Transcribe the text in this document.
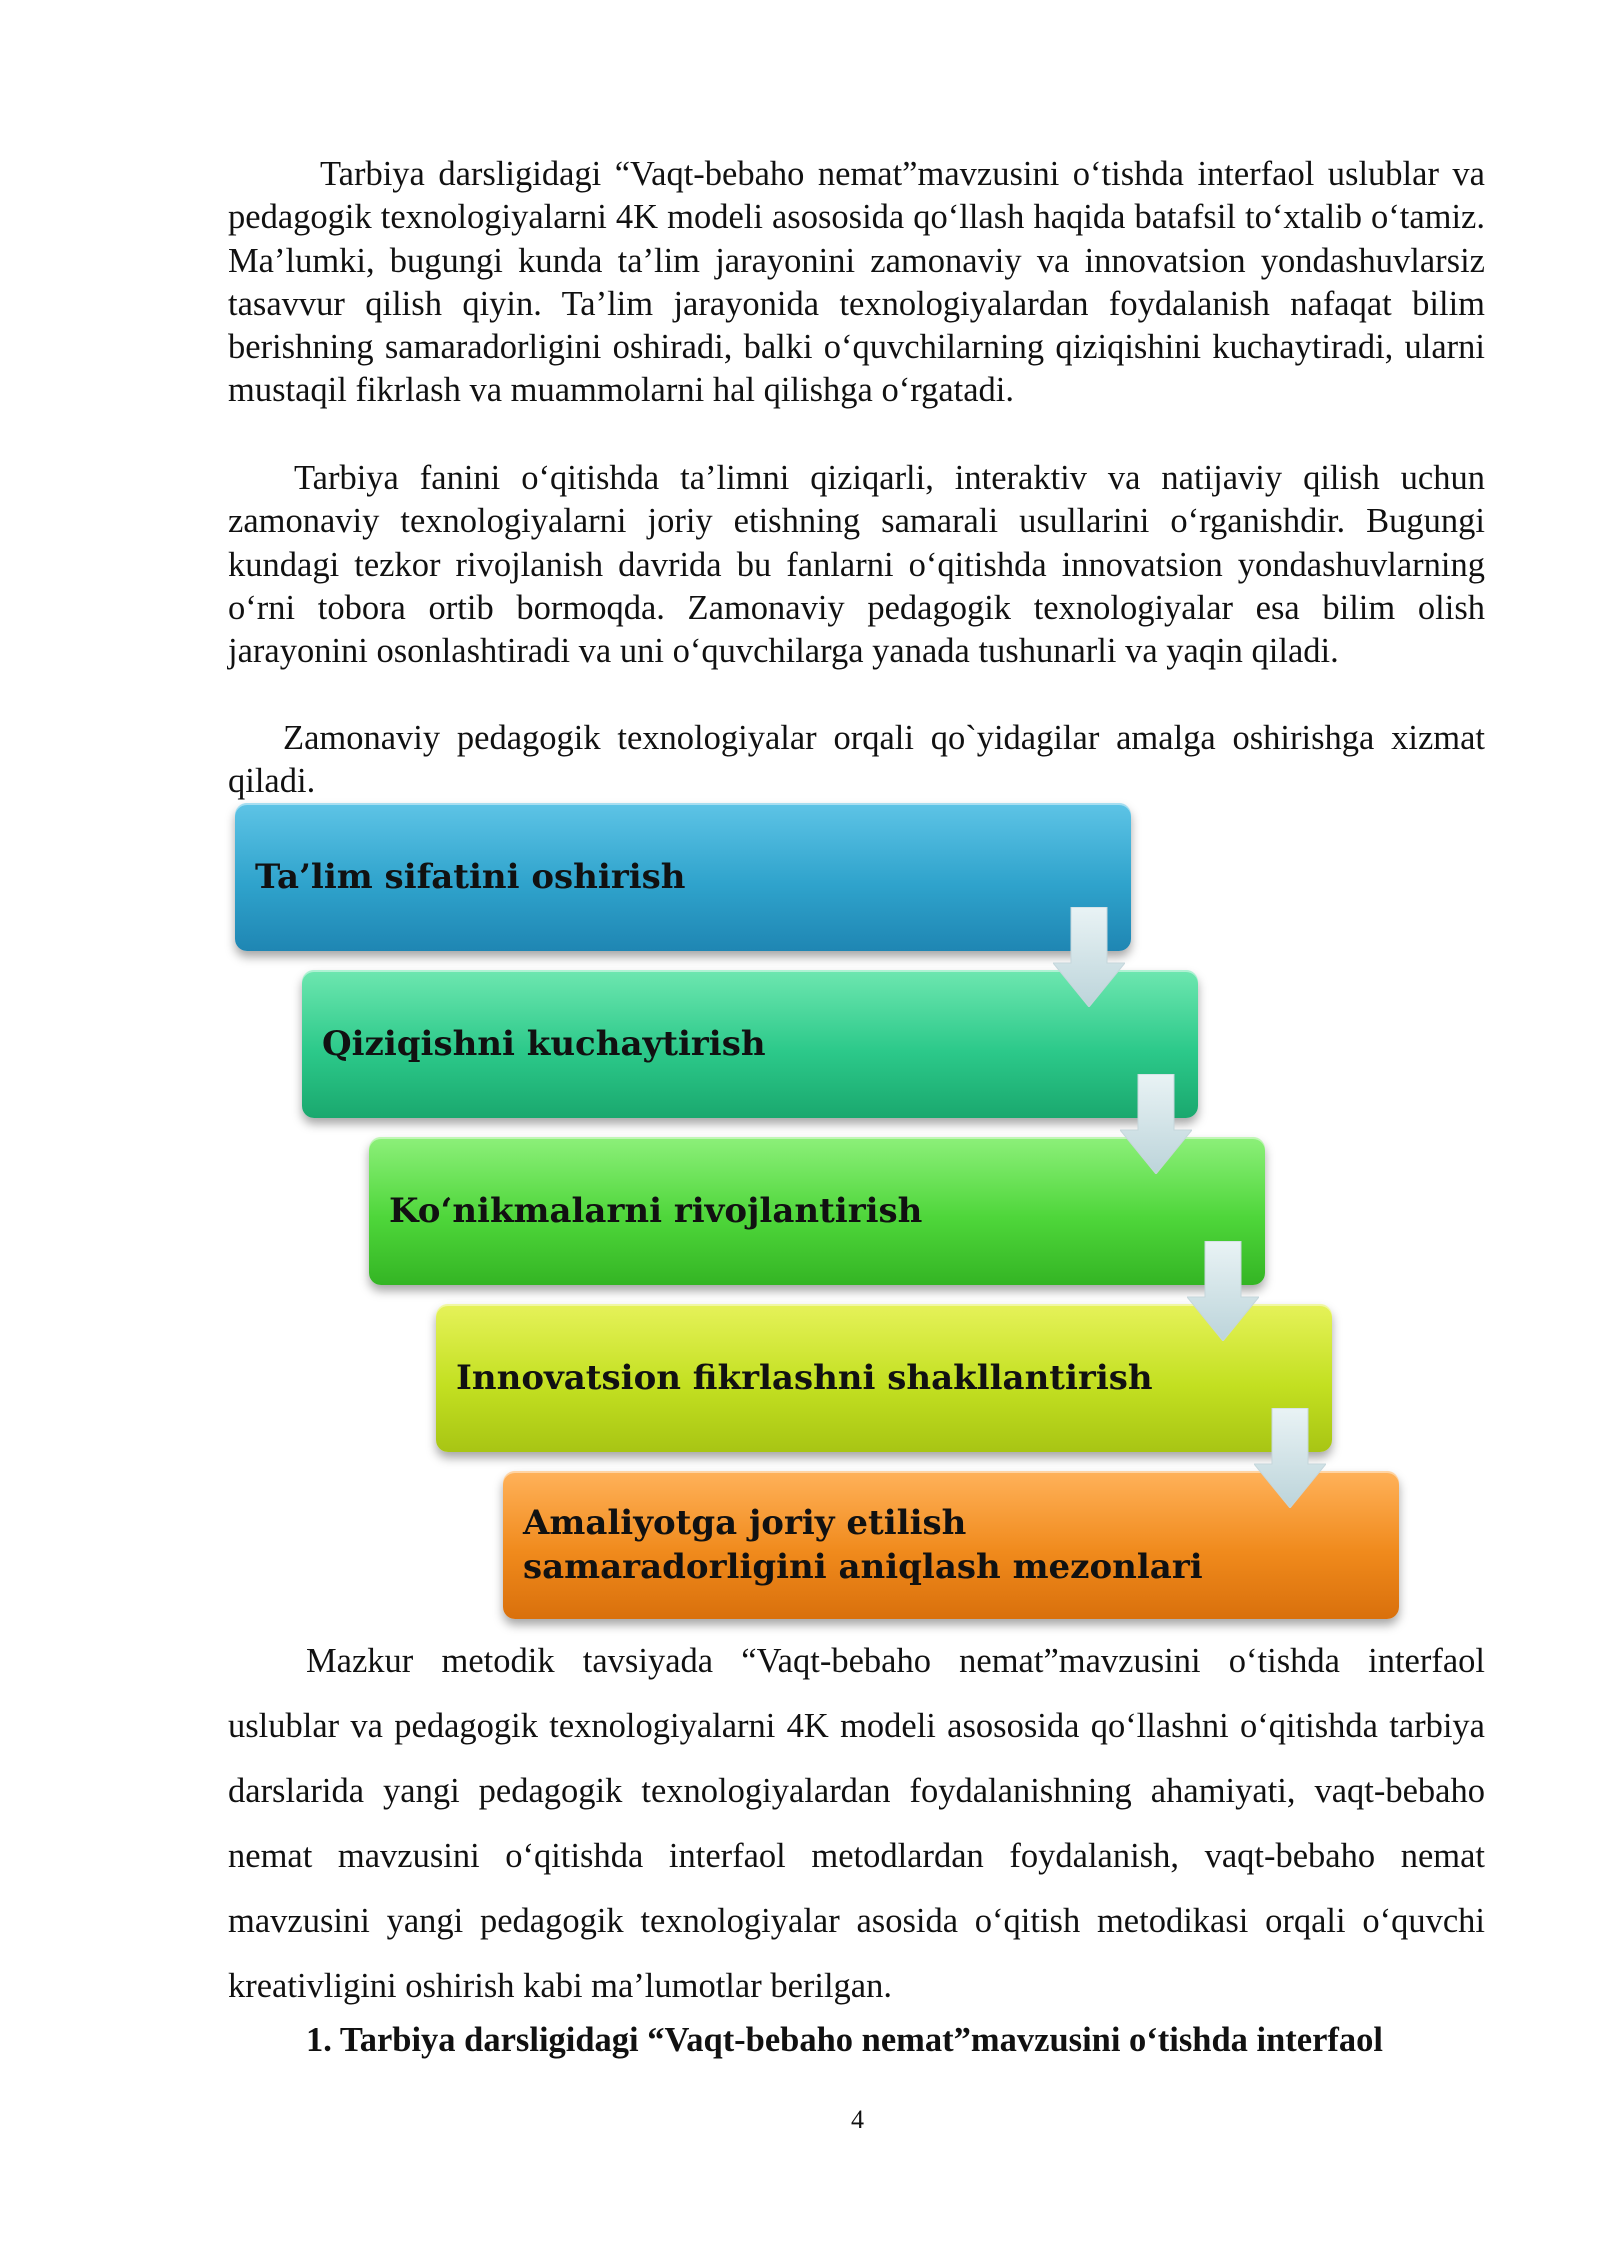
Tarbiya darsligidagi “Vaqt-bebaho nemat”mavzusini o‘tishda interfaol uslublar va pedagogik texnologiyalarni 4K modeli asososida qo‘llash haqida batafsil to‘xtalib o‘tamiz. Ma’lumki, bugungi kunda ta’lim jarayonini zamonaviy va innovatsion yondashuvlarsiz tasavvur qilish qiyin. Ta’lim jarayonida texnologiyalardan foydalanish nafaqat bilim berishning samaradorligini oshiradi, balki o‘quvchilarning qiziqishini kuchaytiradi, ularni mustaqil fikrlash va muammolarni hal qilishga o‘rgatadi.

Tarbiya fanini o‘qitishda ta’limni qiziqarli, interaktiv va natijaviy qilish uchun zamonaviy texnologiyalarni joriy etishning samarali usullarini o‘rganishdir. Bugungi kundagi tezkor rivojlanish davrida bu fanlarni o‘qitishda innovatsion yondashuvlarning o‘rni tobora ortib bormoqda. Zamonaviy pedagogik texnologiyalar esa bilim olish jarayonini osonlashtiradi va uni o‘quvchilarga yanada tushunarli va yaqin qiladi.

Zamonaviy pedagogik texnologiyalar orqali qo`yidagilar amalga oshirishga xizmat qiladi.

Ta’lim sifatini oshirish
Qiziqishni kuchaytirish
Ko‘nikmalarni rivojlantirish
Innovatsion fikrlashni shakllantirish
Amaliyotga joriy etilish
samaradorligini aniqlash mezonlari

Mazkur metodik tavsiyada “Vaqt-bebaho nemat”mavzusini o‘tishda interfaol uslublar va pedagogik texnologiyalarni 4K modeli asososida qo‘llashni o‘qitishda tarbiya darslarida yangi pedagogik texnologiyalardan foydalanishning ahamiyati, vaqt-bebaho nemat mavzusini o‘qitishda interfaol metodlardan foydalanish, vaqt-bebaho nemat mavzusini yangi pedagogik texnologiyalar asosida o‘qitish metodikasi orqali o‘quvchi kreativligini oshirish kabi ma’lumotlar berilgan.

1. Tarbiya darsligidagi “Vaqt-bebaho nemat”mavzusini o‘tishda interfaol

4
